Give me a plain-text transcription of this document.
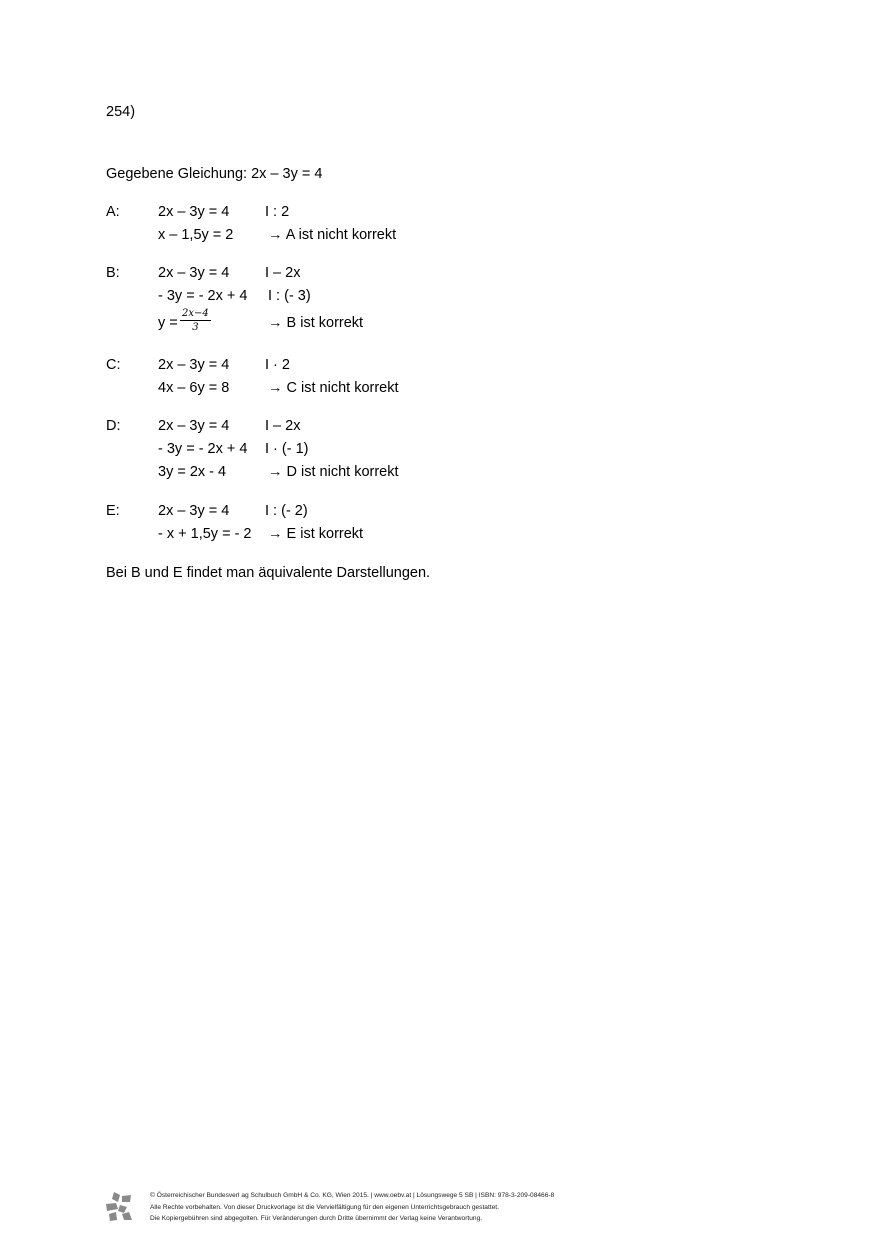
254)
Gegebene Gleichung: 2x – 3y = 4
A:	2x – 3y = 4 I : 2
x – 1,5y = 2 → A ist nicht korrekt
B:	2x – 3y = 4 I – 2x
- 3y = - 2x + 4 I : (- 3)
$y = \frac{2x-4}{3}$	→ B ist korrekt
C:	2x – 3y = 4 I · 2
4x – 6y = 8	→ C ist nicht korrekt
D:	2x – 3y = 4 I – 2x
- 3y = - 2x + 4 I · (- 1)
3y = 2x - 4	→ D ist nicht korrekt
E:	2x – 3y = 4 I : (- 2)
- x + 1,5y = - 2 → E ist korrekt
Bei B und E findet man äquivalente Darstellungen.
© Österreichischer Bundesverl ag Schulbuch GmbH & Co. KG, Wien 2015. | www.oebv.at | Lösungswege 5 SB | ISBN: 978-3-209-08466-8
Alle Rechte vorbehalten. Von dieser Druckvorlage ist die Vervielfältigung für den eigenen Unterrichtsgebrauch gestattet.
Die Kopiergebühren sind abgegolten. Für Veränderungen durch Dritte übernimmt der Verlag keine Verantwortung.
